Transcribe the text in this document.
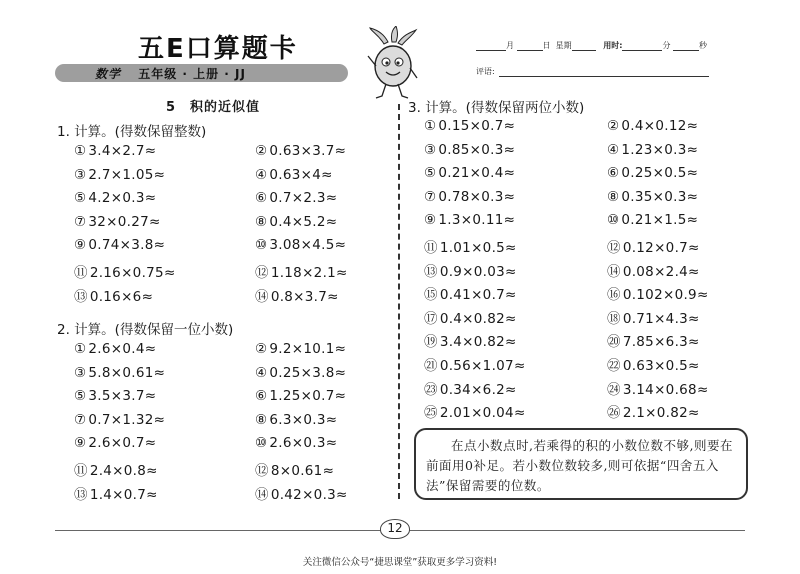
五E口算题卡
数学 五年级 · 上册 · JJ
月	日 星期	用时:	分	秒
评语:
5　积的近似值
1. 计算。(得数保留整数)
2. 计算。(得数保留一位小数)
3. 计算。(得数保留两位小数)
① 3.4×2.7≈	② 0.63×3.7≈
③ 2.7×1.05≈	④ 0.63×4≈
⑤ 4.2×0.3≈	⑥ 0.7×2.3≈
⑦ 32×0.27≈	⑧ 0.4×5.2≈
⑨ 0.74×3.8≈	⑩ 3.08×4.5≈
⑪ 2.16×0.75≈	⑫ 1.18×2.1≈
⑬ 0.16×6≈	⑭ 0.8×3.7≈
① 2.6×0.4≈	② 9.2×10.1≈
③ 5.8×0.61≈	④ 0.25×3.8≈
⑤ 3.5×3.7≈	⑥ 1.25×0.7≈
⑦ 0.7×1.32≈	⑧ 6.3×0.3≈
⑨ 2.6×0.7≈	⑩ 2.6×0.3≈
⑪ 2.4×0.8≈	⑫ 8×0.61≈
⑬ 1.4×0.7≈	⑭ 0.42×0.3≈
① 0.15×0.7≈	② 0.4×0.12≈
③ 0.85×0.3≈	④ 1.23×0.3≈
⑤ 0.21×0.4≈	⑥ 0.25×0.5≈
⑦ 0.78×0.3≈	⑧ 0.35×0.3≈
⑨ 1.3×0.11≈	⑩ 0.21×1.5≈
⑪ 1.01×0.5≈	⑫ 0.12×0.7≈
⑬ 0.9×0.03≈	⑭ 0.08×2.4≈
⑮ 0.41×0.7≈	⑯ 0.102×0.9≈
⑰ 0.4×0.82≈	⑱ 0.71×4.3≈
⑲ 3.4×0.82≈	⑳ 7.85×6.3≈
㉑ 0.56×1.07≈	㉒ 0.63×0.5≈
㉓ 0.34×6.2≈	㉔ 3.14×0.68≈
㉕ 2.01×0.04≈	㉖ 2.1×0.82≈

在点小数点时,若乘得的积的小数位数不够,则要在前面用0补足。若小数位数较多,则可依据“四舍五入法”保留需要的位数。

12
关注微信公众号“捷思课堂”获取更多学习资料!
